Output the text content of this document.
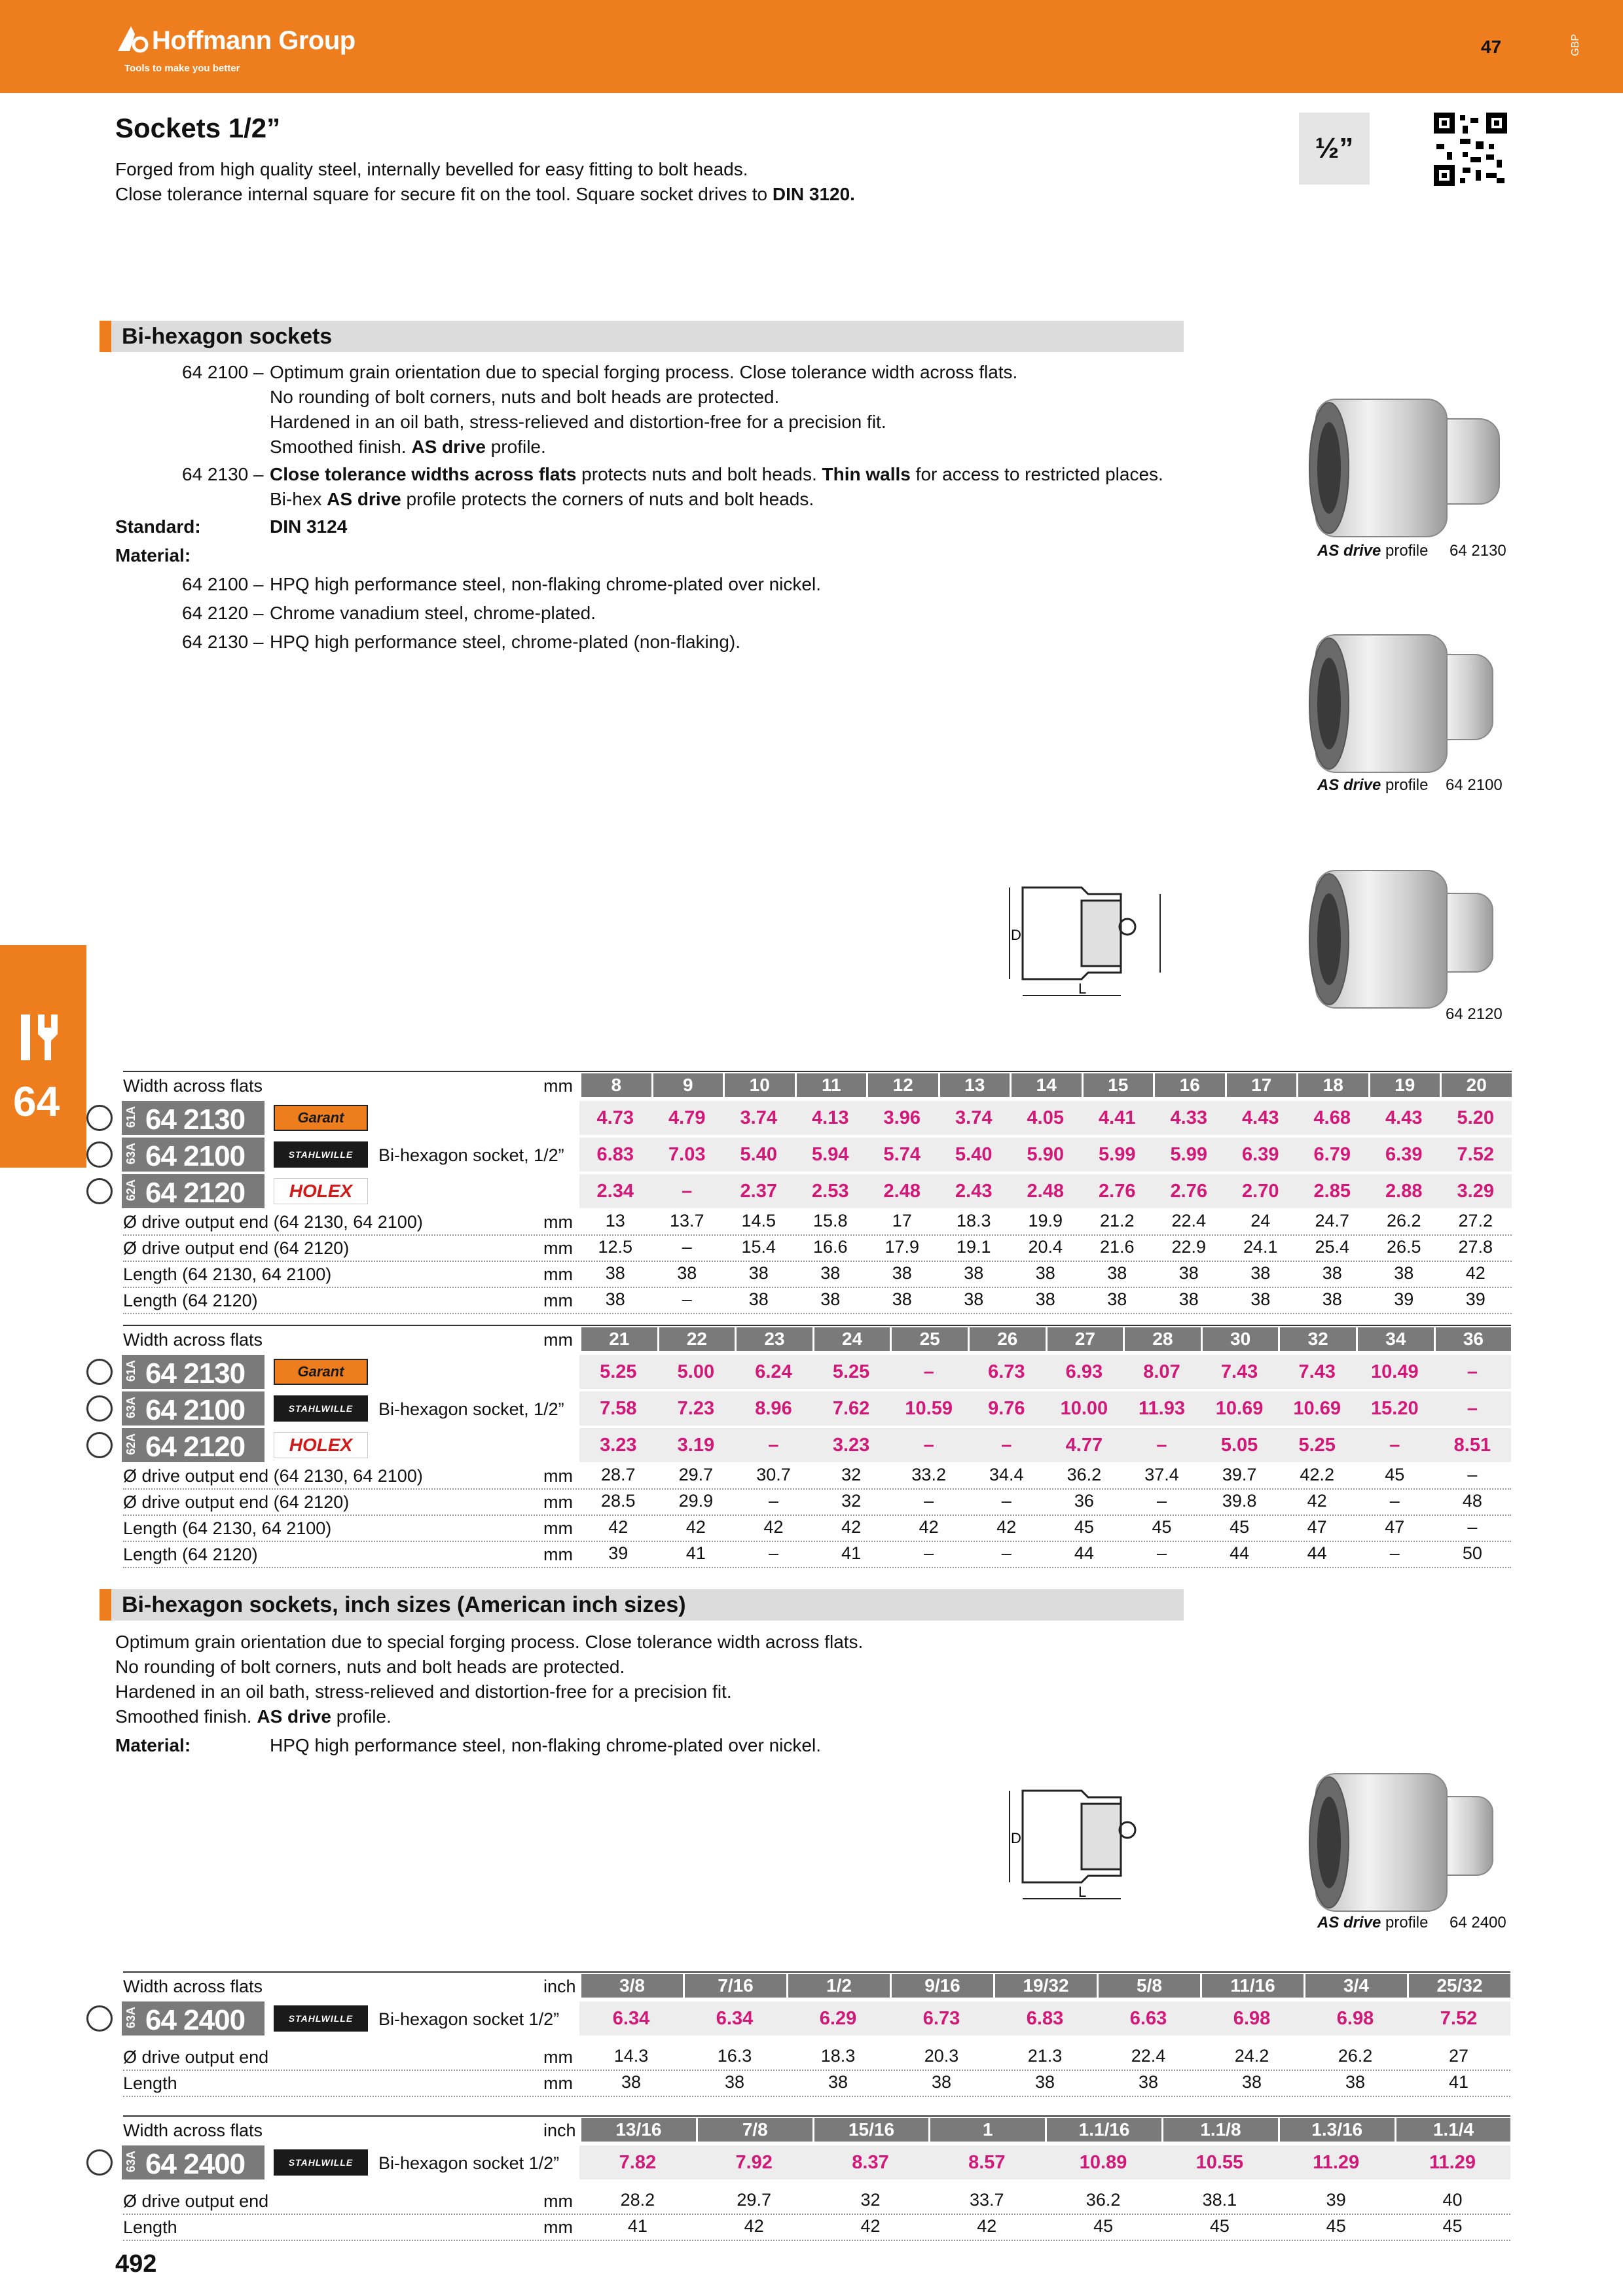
Hoffmann Group
Tools to make you better
47	GBP
Sockets 1/2”
Forged from high quality steel, internally bevelled for easy fitting to bolt heads.
Close tolerance internal square for secure fit on the tool. Square socket drives to DIN 3120.
½”
Bi-hexagon sockets
64 2100 – Optimum grain orientation due to special forging process. Close tolerance width across flats.
No rounding of bolt corners, nuts and bolt heads are protected.
Hardened in an oil bath, stress-relieved and distortion-free for a precision fit.
Smoothed finish. AS drive profile.
64 2130 – Close tolerance widths across flats protects nuts and bolt heads. Thin walls for access to restricted places.
Bi-hex AS drive profile protects the corners of nuts and bolt heads.
Standard:	DIN 3124
Material:
64 2100 – HPQ high performance steel, non-flaking chrome-plated over nickel.
64 2120 – Chrome vanadium steel, chrome-plated.
64 2130 – HPQ high performance steel, chrome-plated (non-flaking).
AS drive profile 64 2130
AS drive profile 64 2100
64 2120
D
L
64	Width across flats	mm	8	9	10	11	12	13	14	15	16	17	18	19	20
61A 64 2130	Garant	4.73	4.79	3.74	4.13	3.96	3.74	4.05	4.41	4.33	4.43	4.68	4.43	5.20
63A 64 2100	STAHLWILLE	Bi-hexagon socket, 1/2”	6.83	7.03	5.40	5.94	5.74	5.40	5.90	5.99	5.99	6.39	6.79	6.39	7.52
62A 64 2120	HOLEX	2.34	–	2.37	2.53	2.48	2.43	2.48	2.76	2.76	2.70	2.85	2.88	3.29
Ø drive output end (64 2130, 64 2100)	mm	13	13.7	14.5	15.8	17	18.3	19.9	21.2	22.4	24	24.7	26.2	27.2
Ø drive output end (64 2120)	mm	12.5	–	15.4	16.6	17.9	19.1	20.4	21.6	22.9	24.1	25.4	26.5	27.8
Length (64 2130, 64 2100)	mm	38	38	38	38	38	38	38	38	38	38	38	38	42
Length (64 2120)	mm	38	–	38	38	38	38	38	38	38	38	38	39	39
Width across flats	mm	21	22	23	24	25	26	27	28	30	32	34	36
61A 64 2130	Garant	5.25	5.00	6.24	5.25	–	6.73	6.93	8.07	7.43	7.43	10.49	–
63A 64 2100	STAHLWILLE	Bi-hexagon socket, 1/2”	7.58	7.23	8.96	7.62	10.59	9.76	10.00	11.93	10.69	10.69	15.20	–
62A 64 2120	HOLEX	3.23	3.19	–	3.23	–	–	4.77	–	5.05	5.25	–	8.51
Ø drive output end (64 2130, 64 2100)	mm	28.7	29.7	30.7	32	33.2	34.4	36.2	37.4	39.7	42.2	45	–
Ø drive output end (64 2120)	mm	28.5	29.9	–	32	–	–	36	–	39.8	42	–	48
Length (64 2130, 64 2100)	mm	42	42	42	42	42	42	45	45	45	47	47	–
Length (64 2120)	mm	39	41	–	41	–	–	44	–	44	44	–	50
Width across flats	inch	3/8	7/16	1/2	9/16	19/32	5/8	11/16	3/4	25/32
63A 64 2400	STAHLWILLE	Bi-hexagon socket 1/2”	6.34	6.34	6.29	6.73	6.83	6.63	6.98	6.98	7.52
Ø drive output end	mm	14.3	16.3	18.3	20.3	21.3	22.4	24.2	26.2	27
Length	mm	38	38	38	38	38	38	38	38	41
Width across flats	inch	13/16	7/8	15/16	1	1.1/16	1.1/8	1.3/16	1.1/4
63A 64 2400	STAHLWILLE	Bi-hexagon socket 1/2”	7.82	7.92	8.37	8.57	10.89	10.55	11.29	11.29
Ø drive output end	mm	28.2	29.7	32	33.7	36.2	38.1	39	40
Length	mm	41	42	42	42	45	45	45	45
Bi-hexagon sockets, inch sizes (American inch sizes)
Optimum grain orientation due to special forging process. Close tolerance width across flats.
No rounding of bolt corners, nuts and bolt heads are protected.
Hardened in an oil bath, stress-relieved and distortion-free for a precision fit.
Smoothed finish. AS drive profile.
Material:	HPQ high performance steel, non-flaking chrome-plated over nickel.
D
L
AS drive profile 64 2400
492
